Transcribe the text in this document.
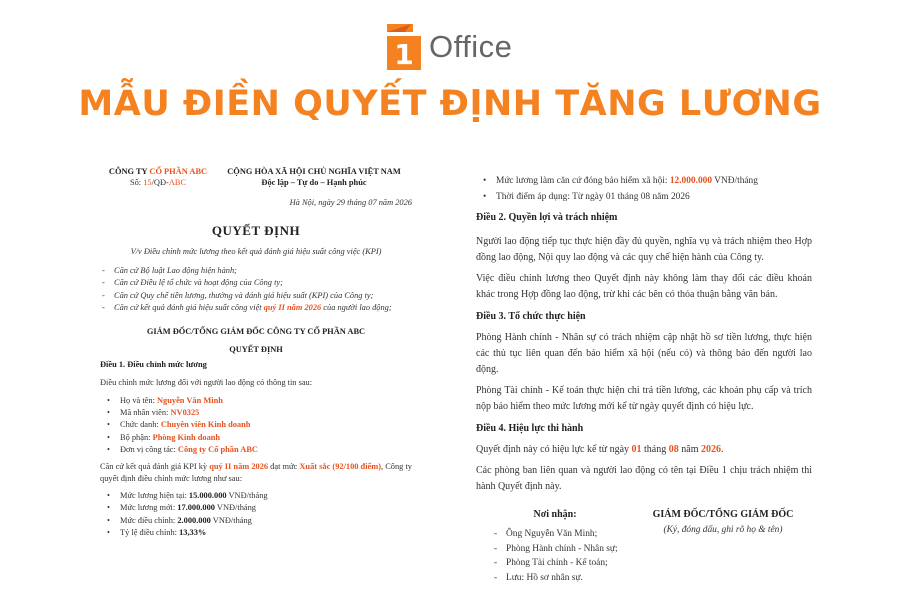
1 Office
MẪU ĐIỀN QUYẾT ĐỊNH TĂNG LƯƠNG
CÔNG TY CỔ PHẦN ABC
Số: 15/QĐ-ABC
CỘNG HÒA XÃ HỘI CHỦ NGHĨA VIỆT NAM
Độc lập – Tự do – Hạnh phúc
Hà Nội, ngày 29 tháng 07 năm 2026
QUYẾT ĐỊNH
V/v Điều chỉnh mức lương theo kết quả đánh giá hiệu suất công việc (KPI)
- Căn cứ Bộ luật Lao động hiện hành;
- Căn cứ Điều lệ tổ chức và hoạt động của Công ty;
- Căn cứ Quy chế tiền lương, thưởng và đánh giá hiệu suất (KPI) của Công ty;
- Căn cứ kết quả đánh giá hiệu suất công việt quý II năm 2026 của người lao động;
GIÁM ĐỐC/TỔNG GIÁM ĐỐC CÔNG TY CỔ PHẦN ABC
QUYẾT ĐỊNH
Điều 1. Điều chỉnh mức lương
Điều chỉnh mức lương đối với người lao động có thông tin sau:
• Họ và tên: Nguyễn Văn Minh
• Mã nhân viên: NV0325
• Chức danh: Chuyên viên Kinh doanh
• Bộ phận: Phòng Kinh doanh
• Đơn vị công tác: Công ty Cổ phần ABC
Căn cứ kết quả đánh giá KPI kỳ quý II năm 2026 đạt mức Xuất sắc (92/100 điểm), Công ty quyết định điều chỉnh mức lương như sau:
• Mức lương hiện tại: 15.000.000 VNĐ/tháng
• Mức lương mới: 17.000.000 VNĐ/tháng
• Mức điều chỉnh: 2.000.000 VNĐ/tháng
• Tỷ lệ điều chỉnh: 13,33%
• Mức lương làm căn cứ đóng bảo hiểm xã hội: 12.000.000 VNĐ/tháng
• Thời điểm áp dụng: Từ ngày 01 tháng 08 năm 2026
Điều 2. Quyền lợi và trách nhiệm
Người lao động tiếp tục thực hiện đầy đủ quyền, nghĩa vụ và trách nhiệm theo Hợp đồng lao động, Nội quy lao động và các quy chế hiện hành của Công ty.
Việc điều chỉnh lương theo Quyết định này không làm thay đổi các điều khoản khác trong Hợp đồng lao động, trừ khi các bên có thỏa thuận bằng văn bản.
Điều 3. Tổ chức thực hiện
Phòng Hành chính - Nhân sự có trách nhiệm cập nhật hồ sơ tiền lương, thực hiện các thủ tục liên quan đến bảo hiểm xã hội (nếu có) và thông báo đến người lao động.
Phòng Tài chính - Kế toán thực hiện chi trả tiền lương, các khoản phụ cấp và trích nộp bảo hiểm theo mức lương mới kể từ ngày quyết định có hiệu lực.
Điều 4. Hiệu lực thi hành
Quyết định này có hiệu lực kể từ ngày 01 tháng 08 năm 2026.
Các phòng ban liên quan và người lao động có tên tại Điều 1 chịu trách nhiệm thi hành Quyết định này.
Nơi nhận:
- Ông Nguyễn Văn Minh;
- Phòng Hành chính - Nhân sự;
- Phòng Tài chính - Kế toán;
- Lưu: Hồ sơ nhân sự.
GIÁM ĐỐC/TỔNG GIÁM ĐỐC
(Ký, đóng dấu, ghi rõ họ & tên)
